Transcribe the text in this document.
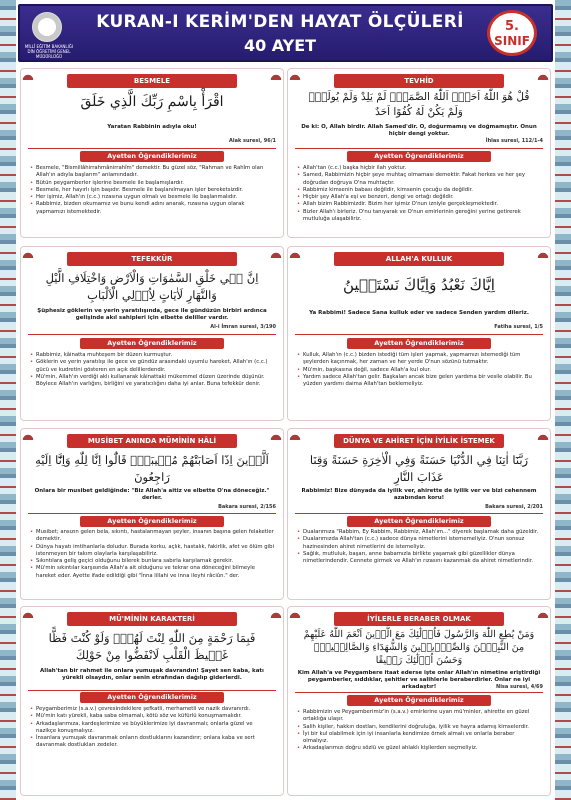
MİLLÎ EĞİTİM BAKANLIĞI DİN ÖĞRETİMİ GENEL MÜDÜRLÜĞÜ
KURAN-I KERİM'DEN HAYAT ÖLÇÜLERİ
40 AYET
5.
SINIF
BESMELE
اقْرَأْ بِاسْمِ رَبِّكَ الَّذِي خَلَقَ
Yaratan Rabbinin adıyla oku!
Alak suresi, 96/1
Ayetten Öğrendiklerimiz
• Besmele, "Bismillâhirrahmânirrahîm" demektir. Bu güzel söz, "Rahman ve Rahîm olan Allah'ın adıyla başlarım" anlamındadır.
• Bütün peygamberler işlerine besmele ile başlamışlardır.
• Besmele, her hayırlı işin başıdır. Besmele ile başlanılmayan işler bereketsizdir.
• Her işimiz, Allah'ın (c.c.) rızasına uygun olmalı ve besmele ile başlanmalıdır.
• Rabbimiz, bizden okumamız ve bunu kendi adını anarak, rızasına uygun olarak yapmamızı istemektedir.
TEVHİD
قُلْ هُوَ اللّٰهُ اَحَدٌۚ اَللّٰهُ الصَّمَدُۚ لَمْ يَلِدْ وَلَمْ يُولَدْۙ وَلَمْ يَكُنْ لَهُ كُفُوًا اَحَدٌ
De ki: O, Allah birdir. Allah Samed'dir. O, doğurmamış ve doğmamıştır. Onun hiçbir dengi yoktur.
İhlas suresi, 112/1-4
Ayetten Öğrendiklerimiz
• Allah'tan (c.c.) başka hiçbir ilah yoktur.
• Samed, Rabbimizin hiçbir şeye muhtaç olmaması demektir. Fakat herkes ve her şey doğrudan doğruya O'na muhtaçtır.
• Rabbimiz kimsenin babası değildir, kimsenin çocuğu da değildir.
• Hiçbir şey Allah'a eşi ve benzeri, dengi ve ortağı değildir.
• Allah bizim Rabbimizdir. Bizim her işimiz O'nun izniyle gerçekleşmektedir.
• Bizler Allah'ı birleriz. O'nu tanıyarak ve O'nun emirlerinin gereğini yerine getirerek mutluluğa ulaşabiliriz.
TEFEKKÜR
اِنَّ ف۪ي خَلْقِ السَّمٰوَاتِ وَالْاَرْضِ وَاخْتِلَافِ الَّيْلِ وَالنَّهَارِ لَاٰيَاتٍ لِاُو۬لِي الْاَلْبَابِ
Şüphesiz göklerin ve yerin yaratılışında, gece ile gündüzün birbiri ardınca gelişinde akıl sahipleri için elbette deliller vardır.
Al-i İmran suresi, 3/190
Ayetten Öğrendiklerimiz
• Rabbimiz, kâinatta muhteşem bir düzen kurmuştur.
• Göklerin ve yerin yaratılışı ile gece ve gündüz arasındaki uyumlu hareket, Allah'ın (c.c.) gücü ve kudretini gösteren en açık delillerdendir.
• Mü'min, Allah'ın verdiği aklı kullanarak kâinattaki mükemmel düzen üzerinde düşünür. Böylece Allah'ın varlığını, birliğini ve yaratıcılığını daha iyi anlar. Buna tefekkür denir.
ALLAH'A KULLUK
اِيَّاكَ نَعْبُدُ وَاِيَّاكَ نَسْتَع۪ينُ
Ya Rabbimi! Sadece Sana kulluk eder ve sadece Senden yardım dileriz.
Fatiha suresi, 1/5
Ayetten Öğrendiklerimiz
• Kulluk, Allah'ın (c.c.) bizden istediği tüm işleri yapmak, yapmamızı istemediği tüm şeylerden kaçınmak, her zaman ve her yerde O'nun sözünü tutmaktır.
• Mü'min, başkasına değil, sadece Allah'a kul olur.
• Yardım sadece Allah'tan gelir. Başkaları ancak bize gelen yardıma bir vesile olabilir. Bu yüzden yardımı daima Allah'tan beklemeliyiz.
MUSİBET ANINDA MÜMİNİN HÂLİ
اَلَّذ۪ينَ اِذَٓا اَصَابَتْهُمْ مُص۪يبَةٌۙ قَالُٓوا اِنَّا لِلّٰهِ وَاِنَّٓا اِلَيْهِ رَاجِعُونَ
Onlara bir musibet geldiğinde: "Biz Allah'a aitiz ve elbette O'na döneceğiz." derler.
Bakara suresi, 2/156
Ayetten Öğrendiklerimiz
• Musibet; ansızın gelen bela, sıkıntı, hastalanmayan şeyler, insanın başına gelen felaketler demektir.
• Dünya hayatı imtihanlarla doludur. Burada korku, açlık, hastalık, fakirlik, afet ve ölüm gibi istenmeyen bir takım olaylarla karşılaşabiliriz.
• Sıkıntılara geliş geçici olduğunu bilerek bunlara sabırla karşılamak gerekir.
• Mü'min sıkıntılar karşısında Allah'a ait olduğunu ve tekrar ona döneceğini bilmeyle hareket eder. Ayette ifade edildiği gibi "İnna lillahi ve inna ileyhi râciûn." der.
DÜNYA VE AHİRET İÇİN İYİLİK İSTEMEK
رَبَّنَٓا اٰتِنَا فِي الدُّنْيَا حَسَنَةً وَفِي الْاٰخِرَةِ حَسَنَةً وَقِنَا عَذَابَ النَّارِ
Rabbimiz! Bize dünyada da iyilik ver, ahirette de iyilik ver ve bizi cehennem azabından koru!
Bakara suresi, 2/201
Ayetten Öğrendiklerimiz
• Dualarımıza "Rabbim, Ey Rabbim, Rabbimiz, Allah'ım..." diyerek başlamak daha güzeldir.
• Dualarımızda Allah'tan (c.c.) sadece dünya nimetlerini istememeliyiz. O'nun sonsuz hazinesinden ahiret nimetlerini de istemeliyiz.
• Sağlık, mutluluk, başarı, anne babamızla birlikte yaşamak gibi güzellikler dünya nimetlerindendir. Cennete girmek ve Allah'ın rızasını kazanmak da ahiret nimetlerindir.
MÜ'MİNİN KARAKTERİ
فَبِمَا رَحْمَةٍ مِنَ اللّٰهِ لِنْتَ لَهُمْۚ وَلَوْ كُنْتَ فَظًّا غَل۪يظَ الْقَلْبِ لَانْفَضُّوا مِنْ حَوْلِكَ
Allah'tan bir rahmet ile onlara yumuşak davrandın! Şayet sen kaba, katı yürekli olsaydın, onlar senin etrafından dağılıp giderlerdi.
Ayetten Öğrendiklerimiz
• Peygamberimiz (s.a.v.) çevresindekilere şefkatli, merhametli ve nazik davranırdı.
• Mü'min katı yürekli, kaba saba olmamalı, kötü söz ve küfürlü konuşmamalıdır.
• Arkadaşlarımıza, kardeşlerimize ve büyüklerimize iyi davranmalı; onlarla güzel ve nazikçe konuşmalıyız.
• İnsanlara yumuşak davranmak onların dostluklarını kazandırır; onlara kaba ve sert davranmak dostlukları zedeler.
İYİLERLE BERABER OLMAK
وَمَنْ يُطِعِ اللّٰهَ وَالرَّسُولَ فَاُو۬لٰٓئِكَ مَعَ الَّذ۪ينَ اَنْعَمَ اللّٰهُ عَلَيْهِمْ مِنَ النَّبِيّ۪نَ وَالصِّدّ۪يق۪ينَ وَالشُّهَدَٓاءِ وَالصَّالِح۪ينَۚ وَحَسُنَ اُو۬لٰٓئِكَ رَف۪يقًا
Kim Allah'a ve Peygambere itaat ederse işte onlar Allah'ın nimetine eriştirdiği peygamberler, sıddıklar, şehitler ve salihlerle beraberdirler. Onlar ne iyi arkadaştır!	Nisa suresi, 4/69
Ayetten Öğrendiklerimiz
• Rabbimizin ve Peygamberimiz'in (s.a.v.) emirlerine uyan mü'minler, ahirette en güzel ortaklığa ulaşır.
• Salih kişiler, hakkın dostları, kendilerini doğruluğa, iyilik ve hayra adamış kimselerdir.
• İyi bir kul olabilmek için iyi insanlarla kendimize örnek almalı ve onlarla beraber olmalıyız.
• Arkadaşlarımızı doğru sözlü ve güzel ahlaklı kişilerden seçmeliyiz.
